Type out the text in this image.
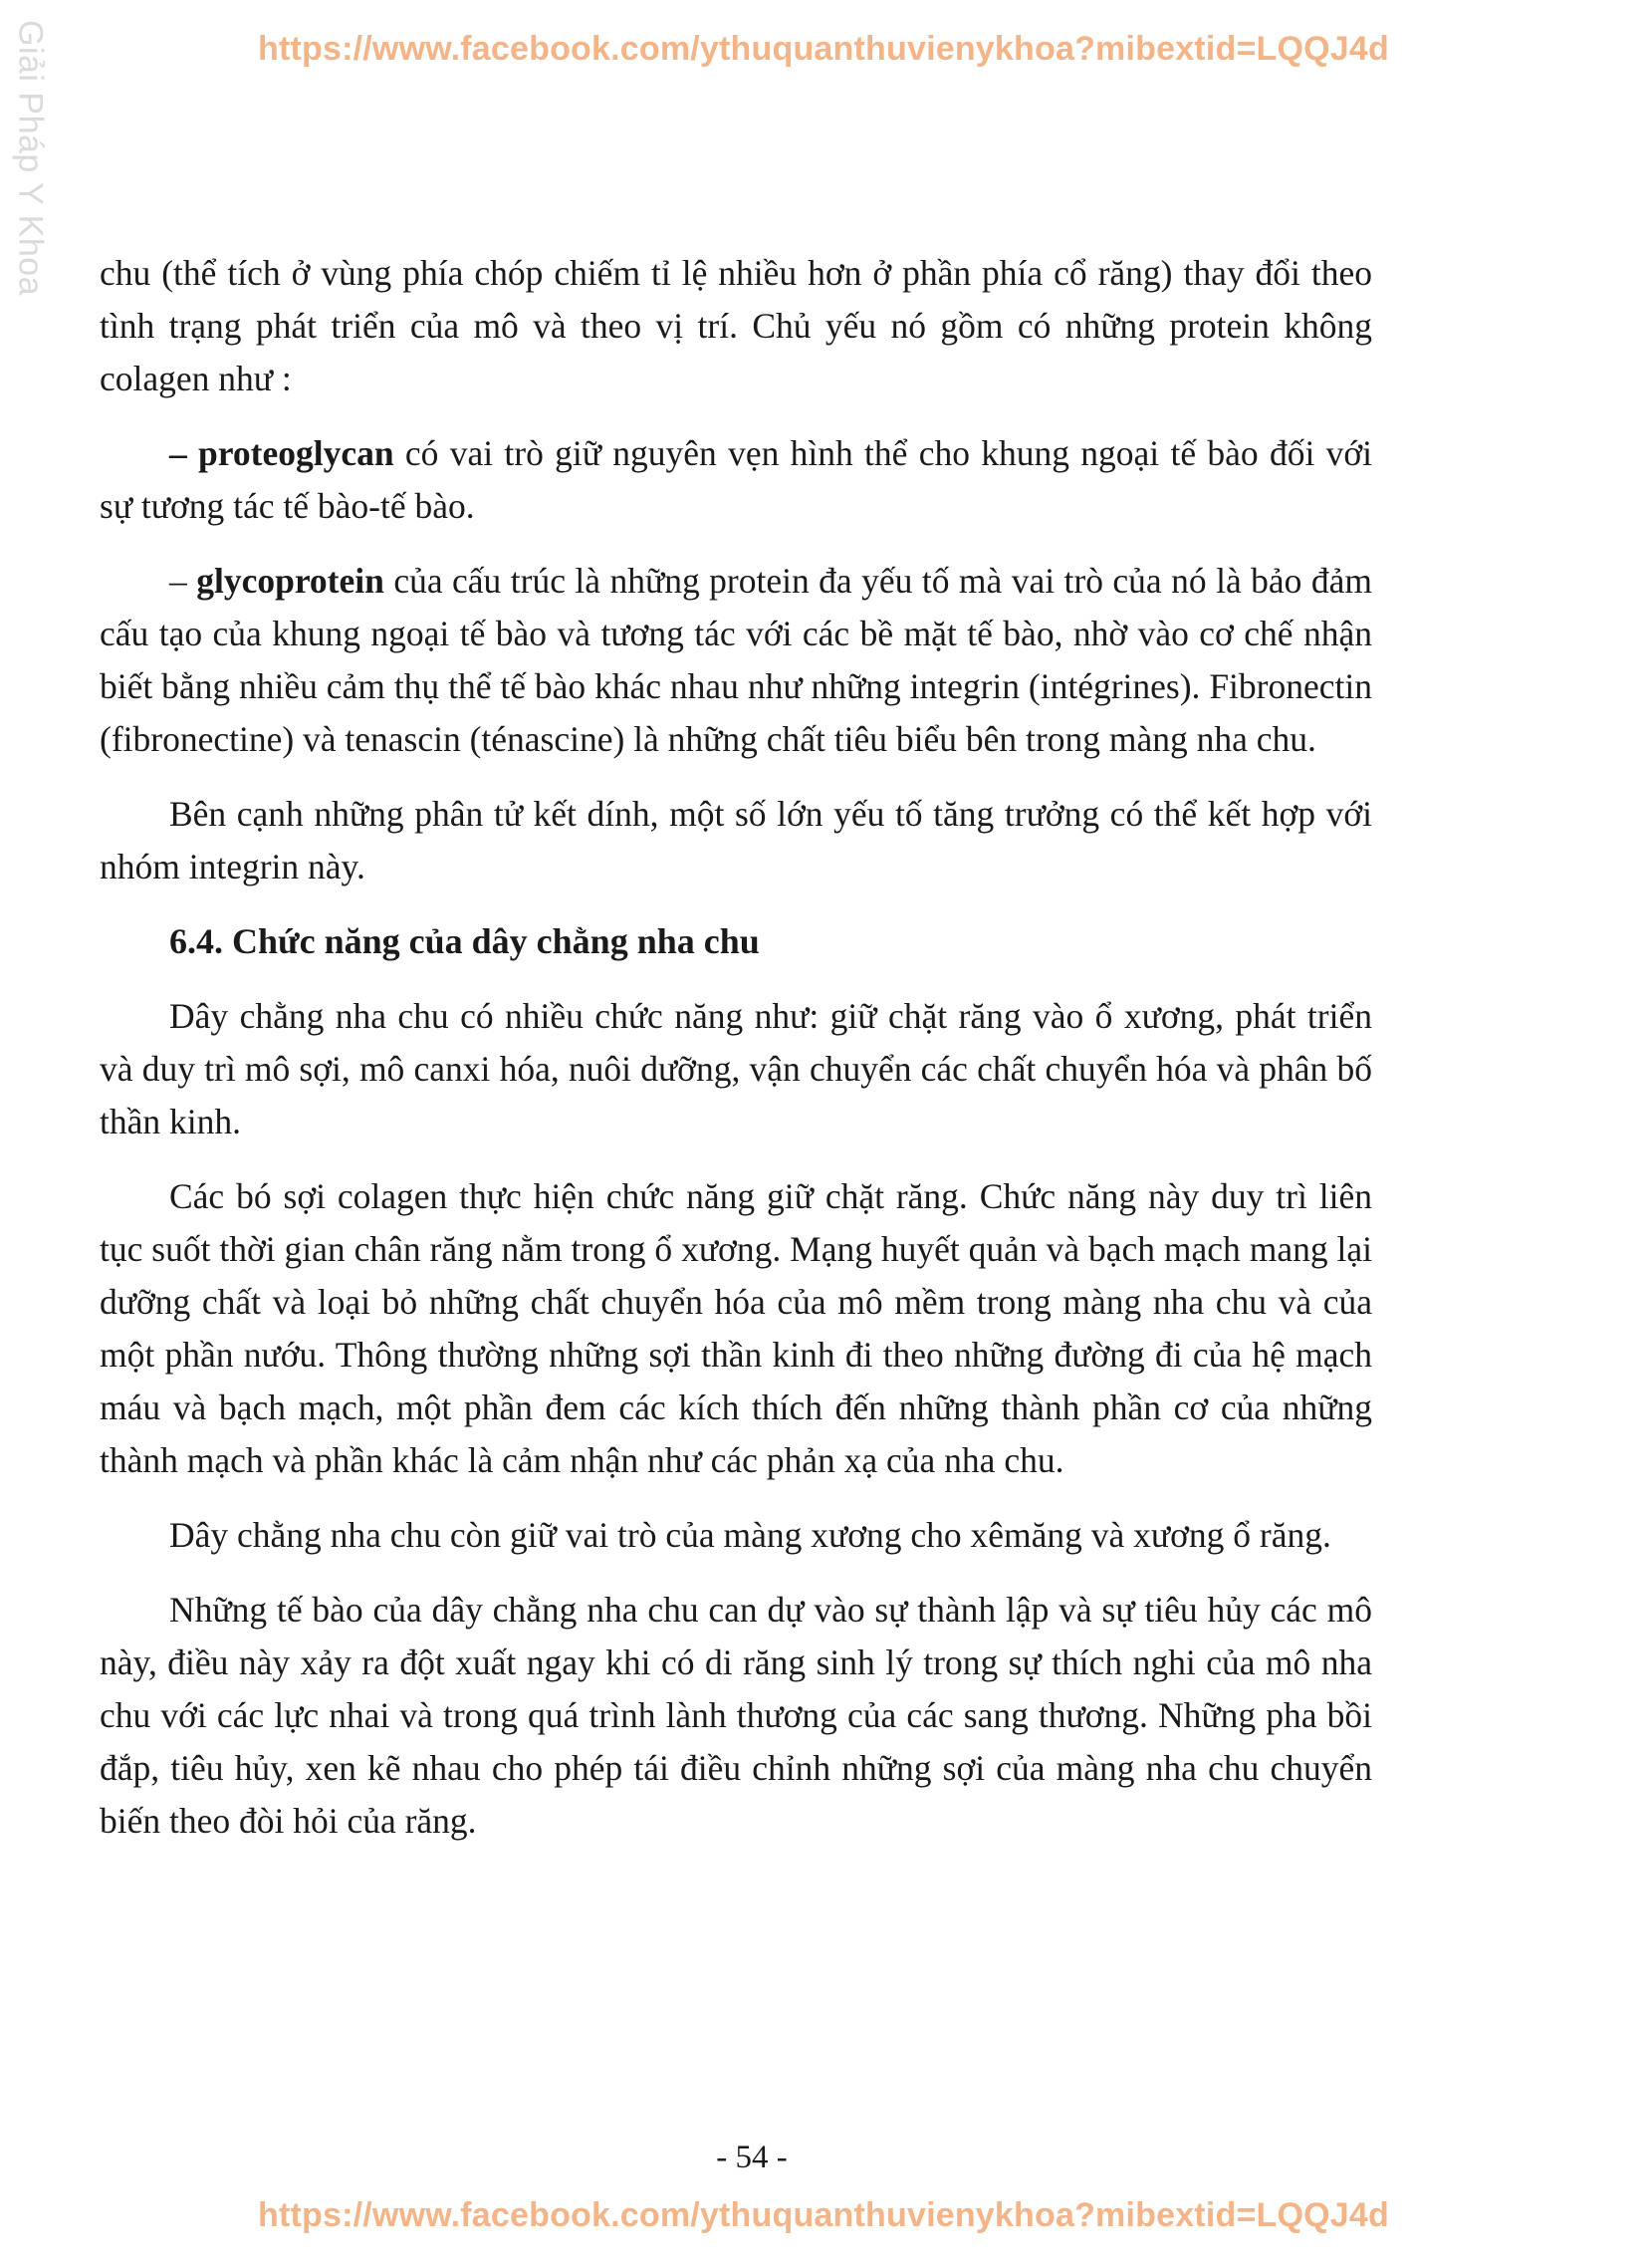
https://www.facebook.com/ythuquanthuvienykhoa?mibextid=LQQJ4d
Giải Pháp Y Khoa chu (thể tích ở vùng phía chóp chiếm tỉ lệ nhiều hơn ở phần phía cổ răng) thay đổi theo tình trạng phát triển của mô và theo vị trí. Chủ yếu nó gồm có những protein không colagen như :

– proteoglycan có vai trò giữ nguyên vẹn hình thể cho khung ngoại tế bào đối với sự tương tác tế bào-tế bào.

– glycoprotein của cấu trúc là những protein đa yếu tố mà vai trò của nó là bảo đảm cấu tạo của khung ngoại tế bào và tương tác với các bề mặt tế bào, nhờ vào cơ chế nhận biết bằng nhiều cảm thụ thể tế bào khác nhau như những integrin (intégrines). Fibronectin (fibronectine) và tenascin (ténascine) là những chất tiêu biểu bên trong màng nha chu.

Bên cạnh những phân tử kết dính, một số lớn yếu tố tăng trưởng có thể kết hợp với nhóm integrin này.

6.4. Chức năng của dây chằng nha chu

Dây chằng nha chu có nhiều chức năng như: giữ chặt răng vào ổ xương, phát triển và duy trì mô sợi, mô canxi hóa, nuôi dưỡng, vận chuyển các chất chuyển hóa và phân bố thần kinh.

Các bó sợi colagen thực hiện chức năng giữ chặt răng. Chức năng này duy trì liên tục suốt thời gian chân răng nằm trong ổ xương. Mạng huyết quản và bạch mạch mang lại dưỡng chất và loại bỏ những chất chuyển hóa của mô mềm trong màng nha chu và của một phần nướu. Thông thường những sợi thần kinh đi theo những đường đi của hệ mạch máu và bạch mạch, một phần đem các kích thích đến những thành phần cơ của những thành mạch và phần khác là cảm nhận như các phản xạ của nha chu.

Dây chằng nha chu còn giữ vai trò của màng xương cho xêmăng và xương ổ răng.

Những tế bào của dây chằng nha chu can dự vào sự thành lập và sự tiêu hủy các mô này, điều này xảy ra đột xuất ngay khi có di răng sinh lý trong sự thích nghi của mô nha chu với các lực nhai và trong quá trình lành thương của các sang thương. Những pha bồi đắp, tiêu hủy, xen kẽ nhau cho phép tái điều chỉnh những sợi của màng nha chu chuyển biến theo đòi hỏi của răng.

- 54 -
https://www.facebook.com/ythuquanthuvienykhoa?mibextid=LQQJ4d
